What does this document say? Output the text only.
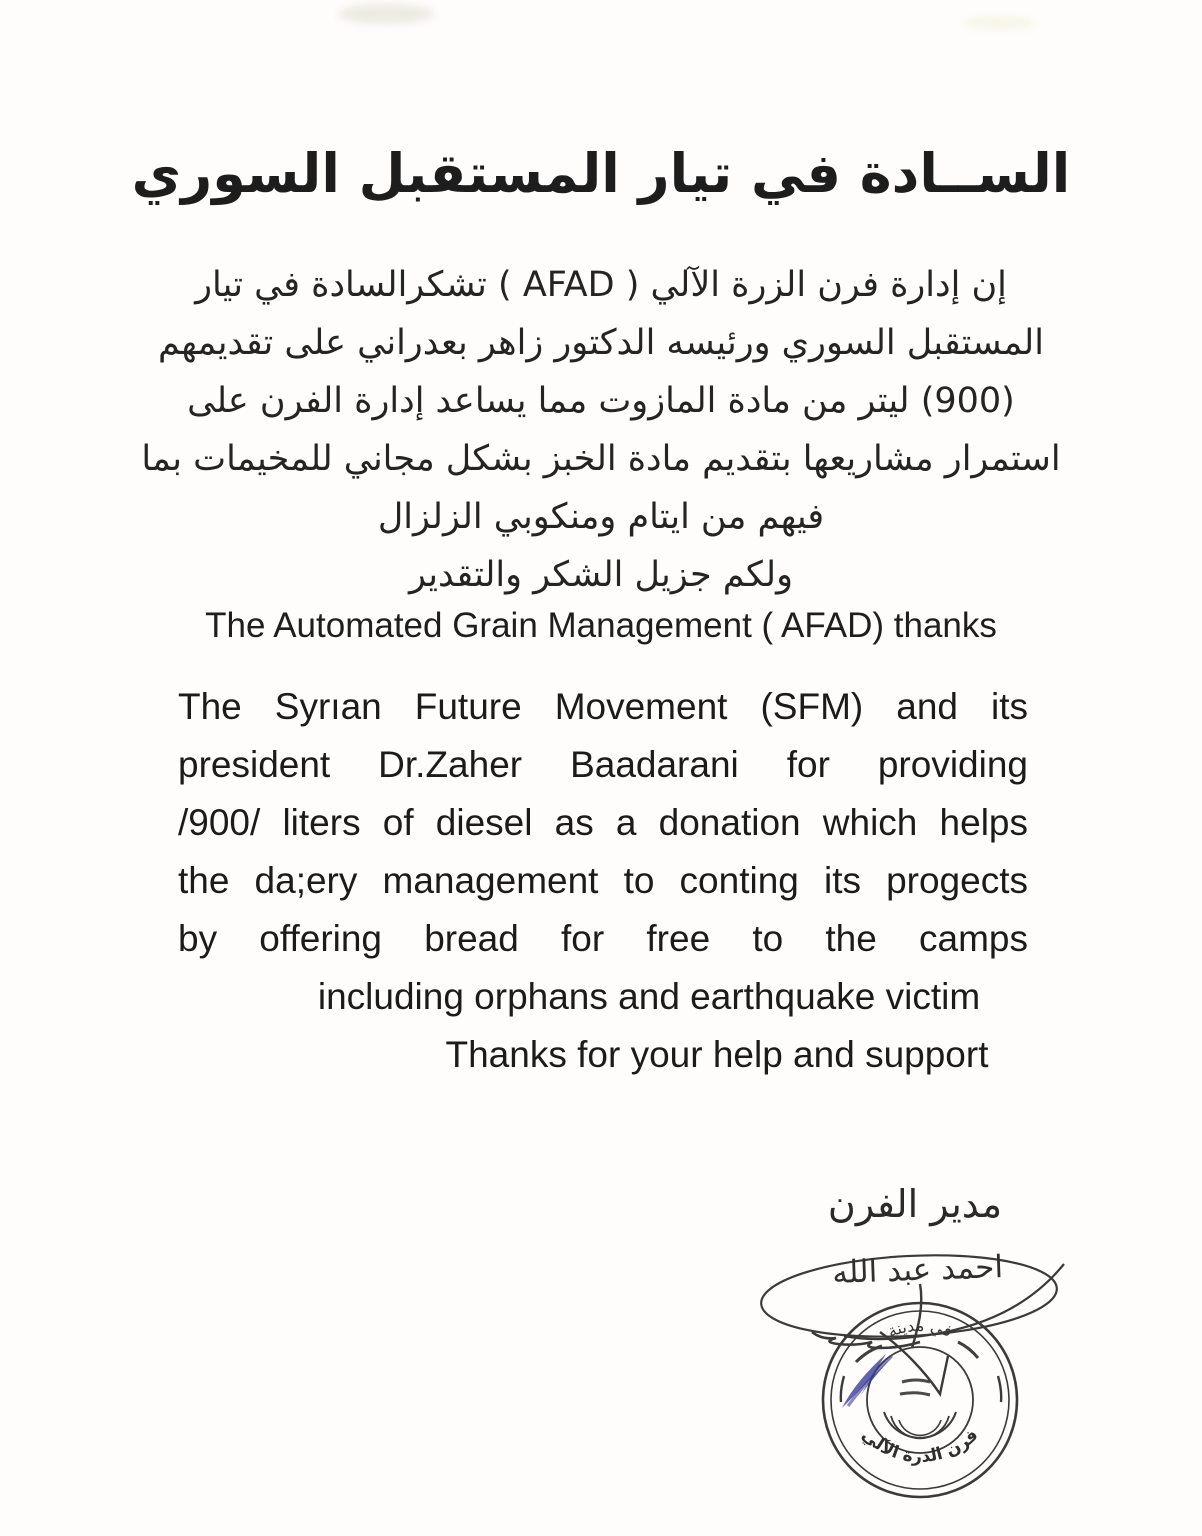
الســادة في تيار المستقبل السوري
إن إدارة فرن الزرة الآلي ( AFAD ) تشكرالسادة في تيار
المستقبل السوري ورئيسه الدكتور زاهر بعدراني على تقديمهم
(900) ليتر من مادة المازوت مما يساعد إدارة الفرن على
استمرار مشاريعها بتقديم مادة الخبز بشكل مجاني للمخيمات بما
فيهم من ايتام ومنكوبي الزلزال
ولكم جزيل الشكر والتقدير
The Automated Grain Management ( AFAD) thanks
The Syrıan Future Movement (SFM) and its
president Dr.Zaher Baadarani for providing
/900/ liters of diesel as a donation which helps
the da;ery management to conting its progects
by offering bread for free to the camps
including orphans and earthquake victim
Thanks for your help and support
مدير الفرن
احمد عبد الله
في مدينة
فرن الذرة الآلي
